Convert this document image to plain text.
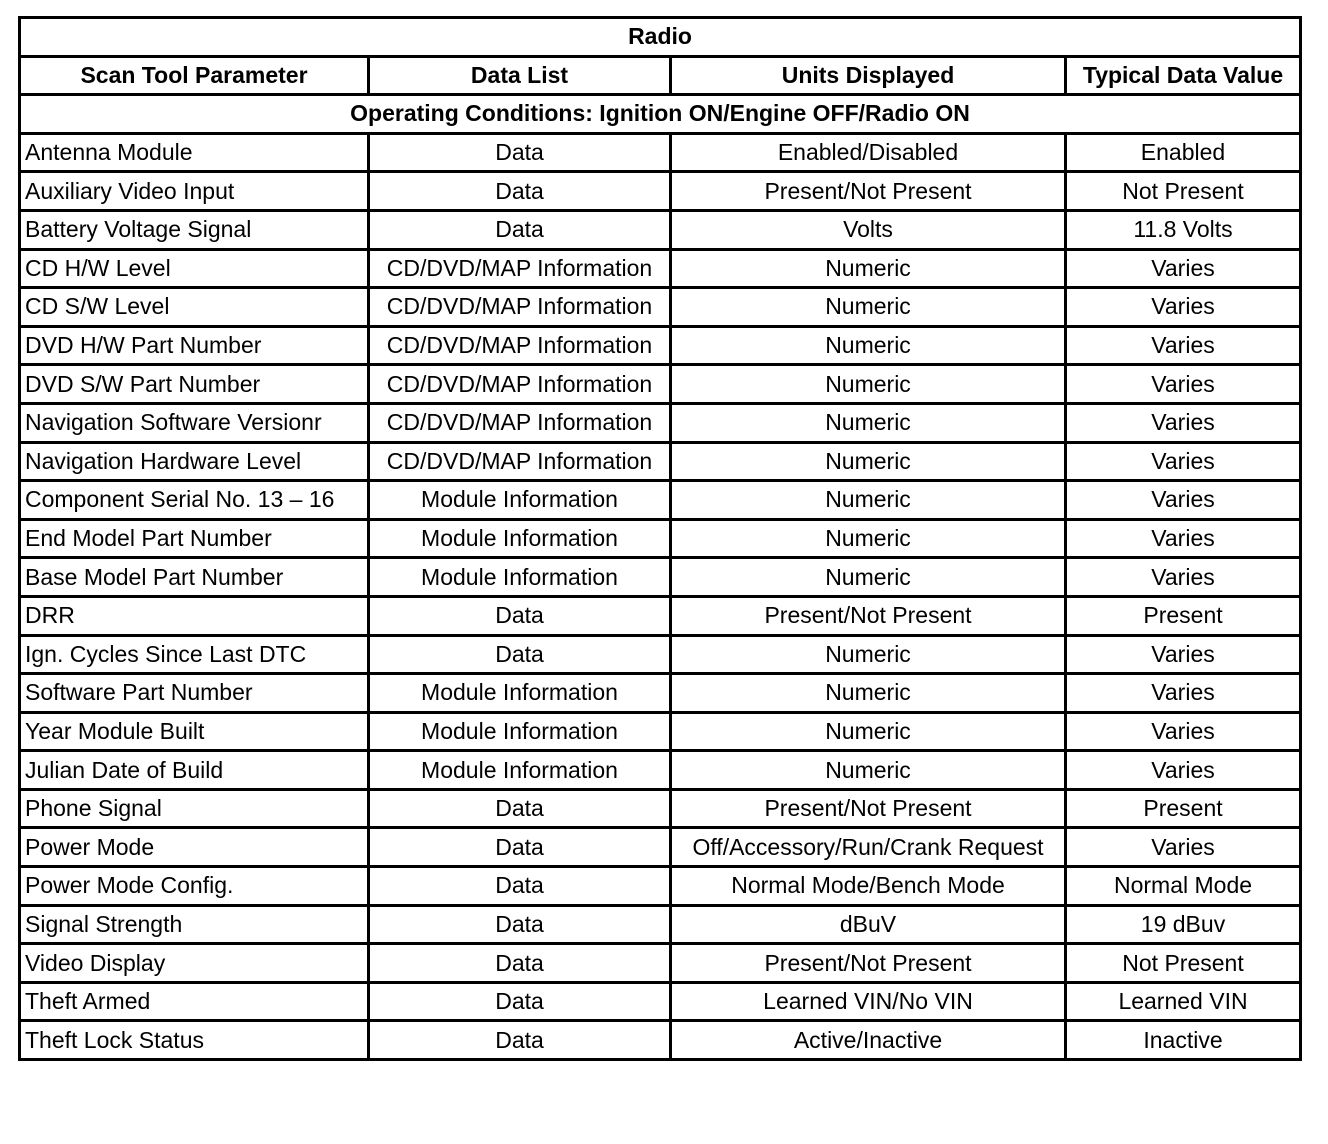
Radio			
Scan Tool Parameter	Data List	Units Displayed	Typical Data Value
Operating Conditions: Ignition ON/Engine OFF/Radio ON			
Antenna Module	Data	Enabled/Disabled	Enabled
Auxiliary Video Input	Data	Present/Not Present	Not Present
Battery Voltage Signal	Data	Volts	11.8 Volts
CD H/W Level	CD/DVD/MAP Information	Numeric	Varies
CD S/W Level	CD/DVD/MAP Information	Numeric	Varies
DVD H/W Part Number	CD/DVD/MAP Information	Numeric	Varies
DVD S/W Part Number	CD/DVD/MAP Information	Numeric	Varies
Navigation Software Versionr	CD/DVD/MAP Information	Numeric	Varies
Navigation Hardware Level	CD/DVD/MAP Information	Numeric	Varies
Component Serial No. 13 – 16	Module Information	Numeric	Varies
End Model Part Number	Module Information	Numeric	Varies
Base Model Part Number	Module Information	Numeric	Varies
DRR	Data	Present/Not Present	Present
Ign. Cycles Since Last DTC	Data	Numeric	Varies
Software Part Number	Module Information	Numeric	Varies
Year Module Built	Module Information	Numeric	Varies
Julian Date of Build	Module Information	Numeric	Varies
Phone Signal	Data	Present/Not Present	Present
Power Mode	Data	Off/Accessory/Run/Crank Request	Varies
Power Mode Config.	Data	Normal Mode/Bench Mode	Normal Mode
Signal Strength	Data	dBuV	19 dBuv
Video Display	Data	Present/Not Present	Not Present
Theft Armed	Data	Learned VIN/No VIN	Learned VIN
Theft Lock Status	Data	Active/Inactive	Inactive
